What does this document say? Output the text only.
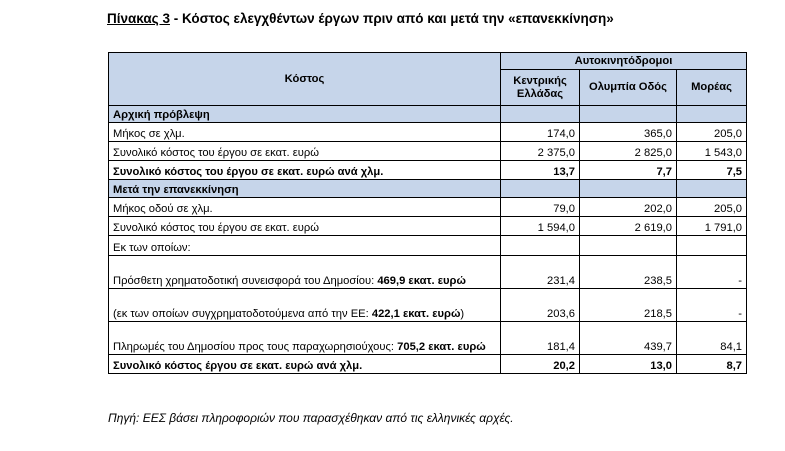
Πίνακας 3 - Κόστος ελεγχθέντων έργων πριν από και μετά την «επανεκκίνηση»
Κόστος	Αυτοκινητόδρομοι		
	Κεντρικής Ελλάδας	Ολυμπία Οδός	Μορέας
Αρχική πρόβλεψη			
Μήκος σε χλμ.	174,0	365,0	205,0
Συνολικό κόστος του έργου σε εκατ. ευρώ	2 375,0	2 825,0	1 543,0
Συνολικό κόστος του έργου σε εκατ. ευρώ ανά χλμ.	13,7	7,7	7,5
Μετά την επανεκκίνηση			
Μήκος οδού σε χλμ.	79,0	202,0	205,0
Συνολικό κόστος του έργου σε εκατ. ευρώ	1 594,0	2 619,0	1 791,0
Εκ των οποίων:			
Πρόσθετη χρηματοδοτική συνεισφορά του Δημοσίου: 469,9 εκατ. ευρώ	231,4	238,5	-
(εκ των οποίων συγχρηματοδοτούμενα από την ΕΕ: 422,1 εκατ. ευρώ)	203,6	218,5	-
Πληρωμές του Δημοσίου προς τους παραχωρησιούχους: 705,2 εκατ. ευρώ	181,4	439,7	84,1
Συνολικό κόστος έργου σε εκατ. ευρώ ανά χλμ.	20,2	13,0	8,7
Πηγή: ΕΕΣ βάσει πληροφοριών που παρασχέθηκαν από τις ελληνικές αρχές.
